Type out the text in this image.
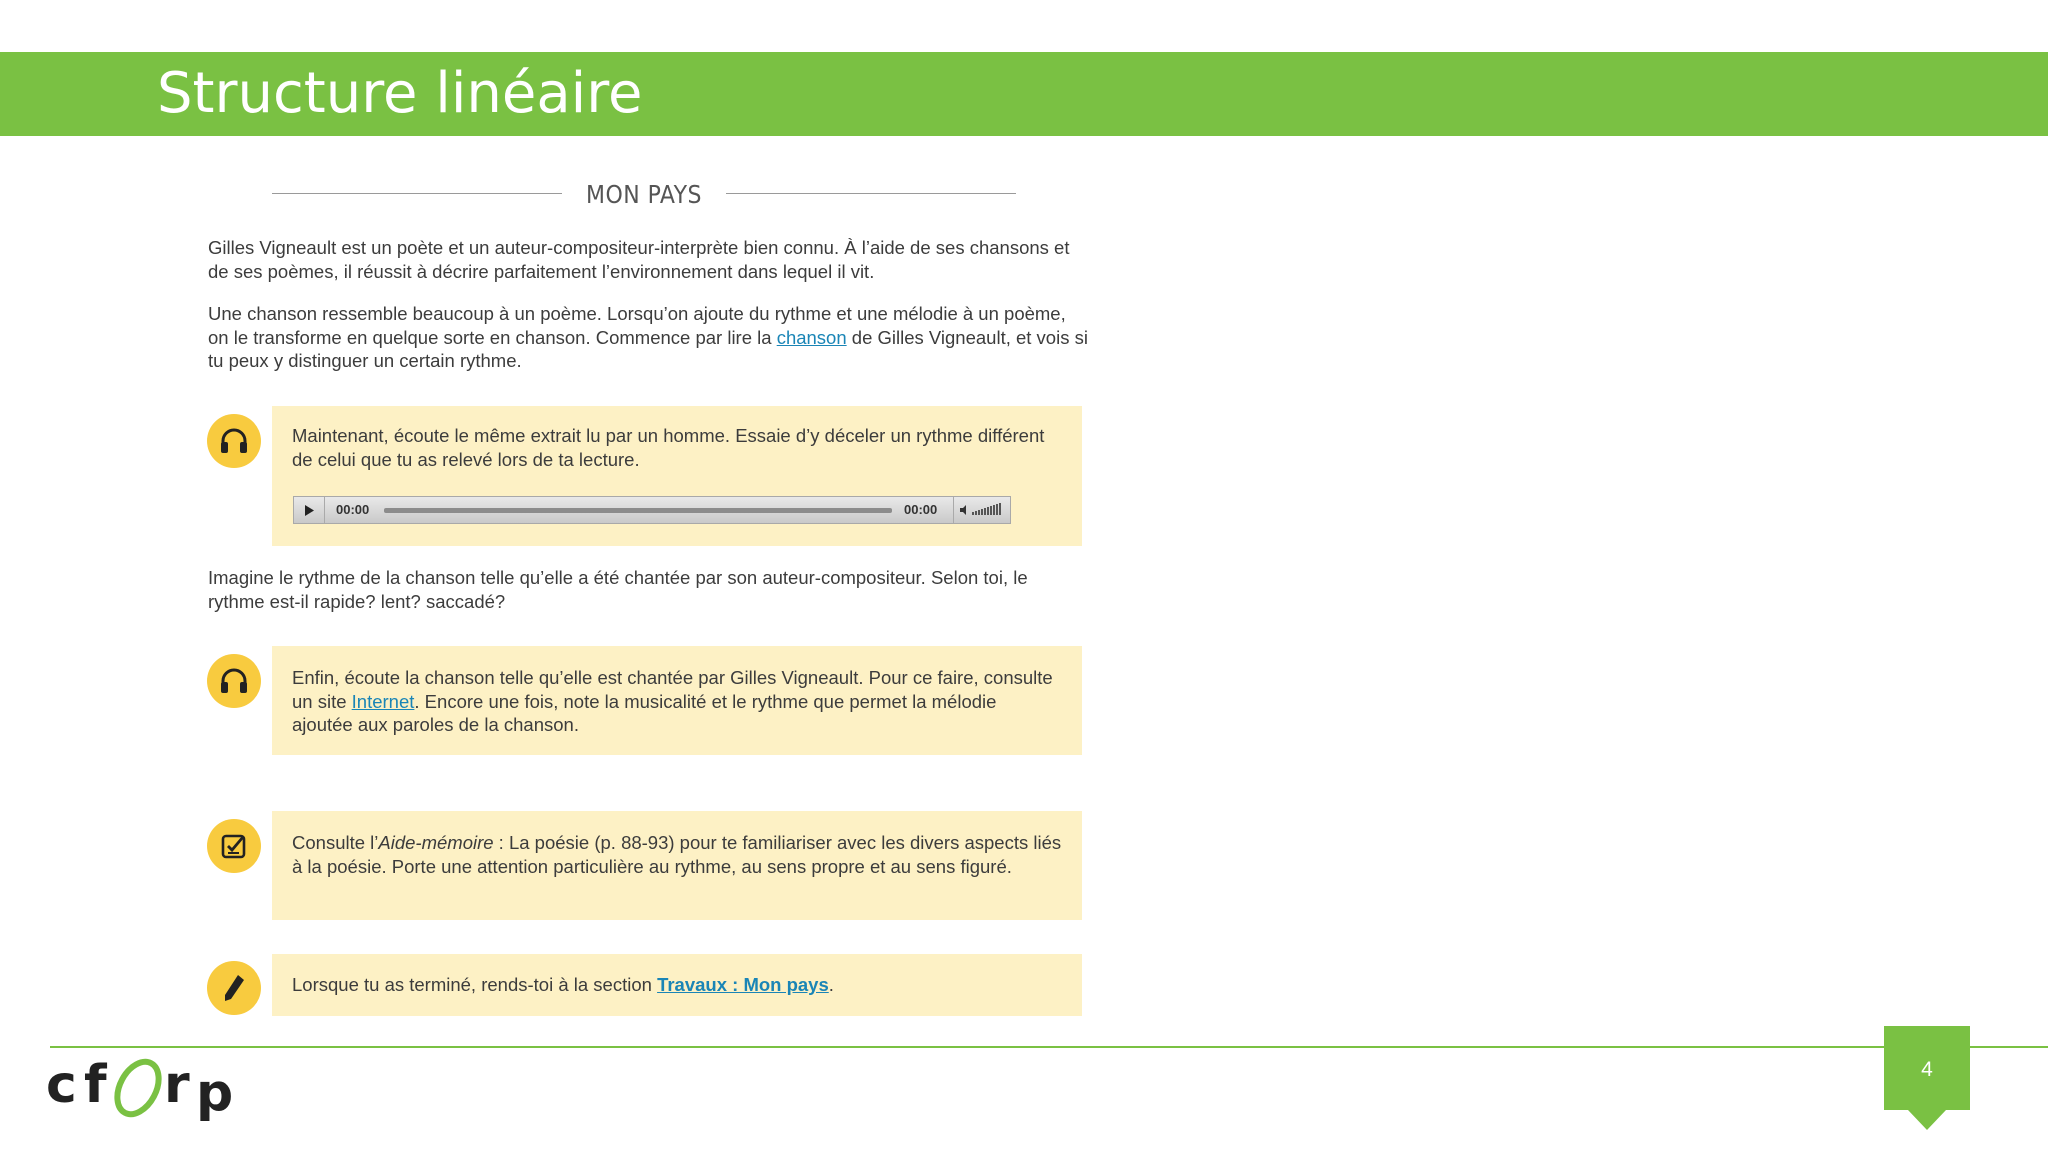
Structure linéaire
MON PAYS

Gilles Vigneault est un poète et un auteur-compositeur-interprète bien connu. À l’aide de ses chansons et de ses poèmes, il réussit à décrire parfaitement l’environnement dans lequel il vit.

Une chanson ressemble beaucoup à un poème. Lorsqu’on ajoute du rythme et une mélodie à un poème, on le transforme en quelque sorte en chanson. Commence par lire la chanson de Gilles Vigneault, et vois si tu peux y distinguer un certain rythme.

Maintenant, écoute le même extrait lu par un homme. Essaie d’y déceler un rythme différent de celui que tu as relevé lors de ta lecture.

00:00	00:00

Imagine le rythme de la chanson telle qu’elle a été chantée par son auteur-compositeur. Selon toi, le rythme est-il rapide? lent? saccadé?

Enfin, écoute la chanson telle qu’elle est chantée par Gilles Vigneault. Pour ce faire, consulte un site Internet. Encore une fois, note la musicalité et le rythme que permet la mélodie ajoutée aux paroles de la chanson.

Consulte l’Aide-mémoire : La poésie (p. 88-93) pour te familiariser avec les divers aspects liés à la poésie. Porte une attention particulière au rythme, au sens propre et au sens figuré.

Lorsque tu as terminé, rends-toi à la section Travaux : Mon pays.

c f r p	4
